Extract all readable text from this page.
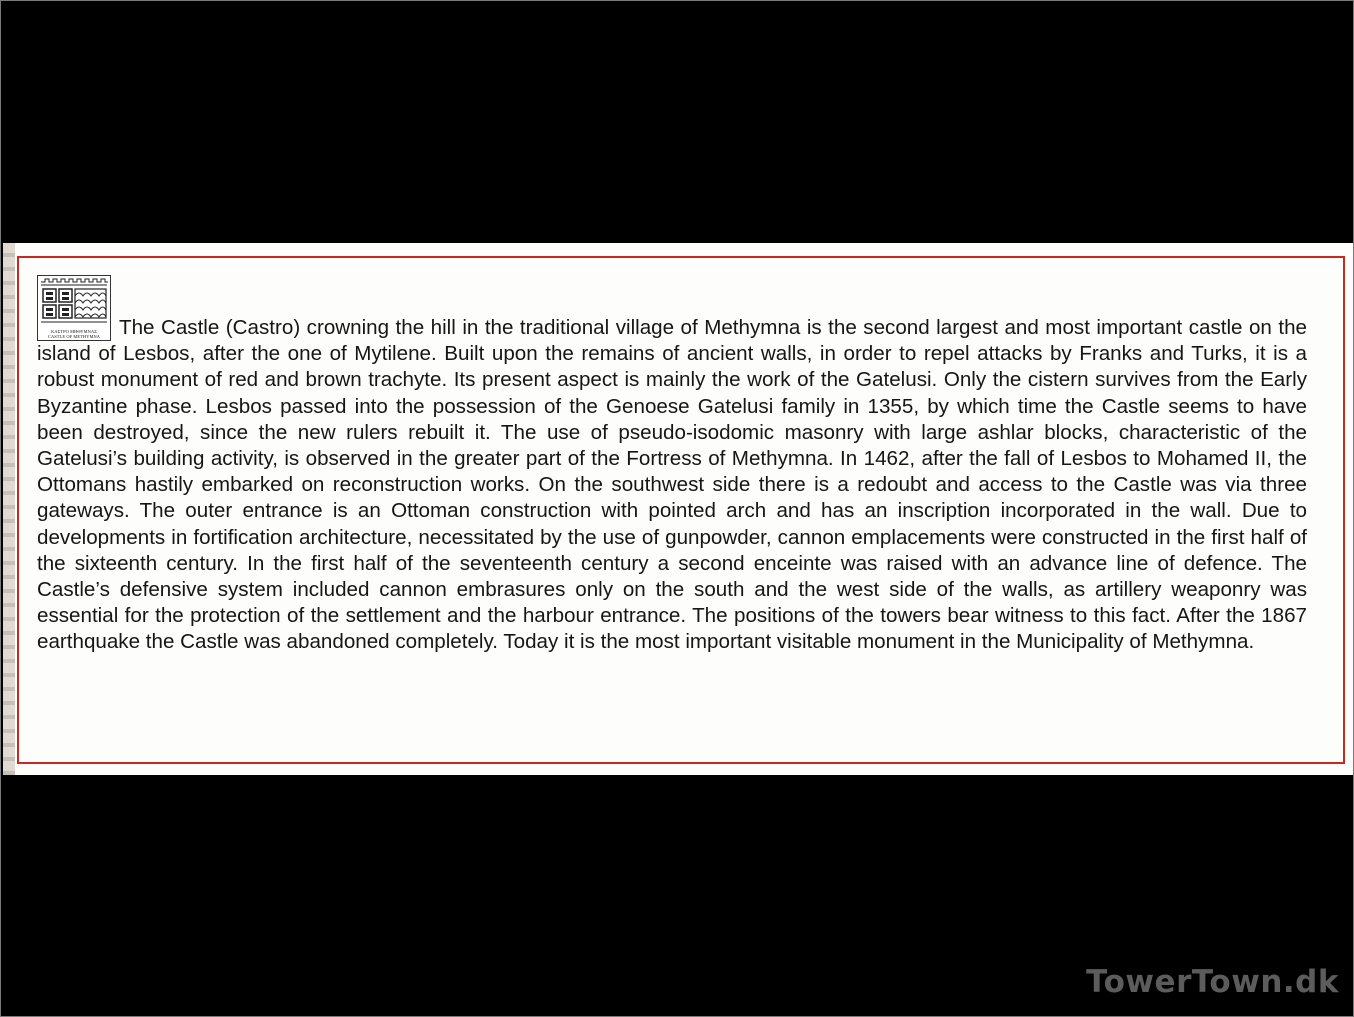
ΚΑΣΤΡΟ ΜΗΘΥΜΝΑΣ
CASTLE OF METHYMNA The Castle (Castro) crowning the hill in the traditional village of Methymna is the second largest and most important castle on the island of Lesbos, after the one of Mytilene. Built upon the remains of ancient walls, in order to repel attacks by Franks and Turks, it is a robust monument of red and brown trachyte. Its present aspect is mainly the work of the Gatelusi. Only the cistern survives from the Early Byzantine phase. Lesbos passed into the possession of the Genoese Gatelusi family in 1355, by which time the Castle seems to have been destroyed, since the new rulers rebuilt it. The use of pseudo-isodomic masonry with large ashlar blocks, characteristic of the Gatelusi’s building activity, is observed in the greater part of the Fortress of Methymna. In 1462, after the fall of Lesbos to Mohamed II, the Ottomans hastily embarked on reconstruction works. On the southwest side there is a redoubt and access to the Castle was via three gateways. The outer entrance is an Ottoman construction with pointed arch and has an inscription incorporated in the wall. Due to developments in fortification architecture, necessitated by the use of gunpowder, cannon emplacements were constructed in the first half of the sixteenth century. In the first half of the seventeenth century a second enceinte was raised with an advance line of defence. The Castle’s defensive system included cannon embrasures only on the south and the west side of the walls, as artillery weaponry was essential for the protection of the settlement and the harbour entrance. The positions of the towers bear witness to this fact. After the 1867 earthquake the Castle was abandoned completely. Today it is the most important visitable monument in the Municipality of Methymna.

TowerTown.dk
